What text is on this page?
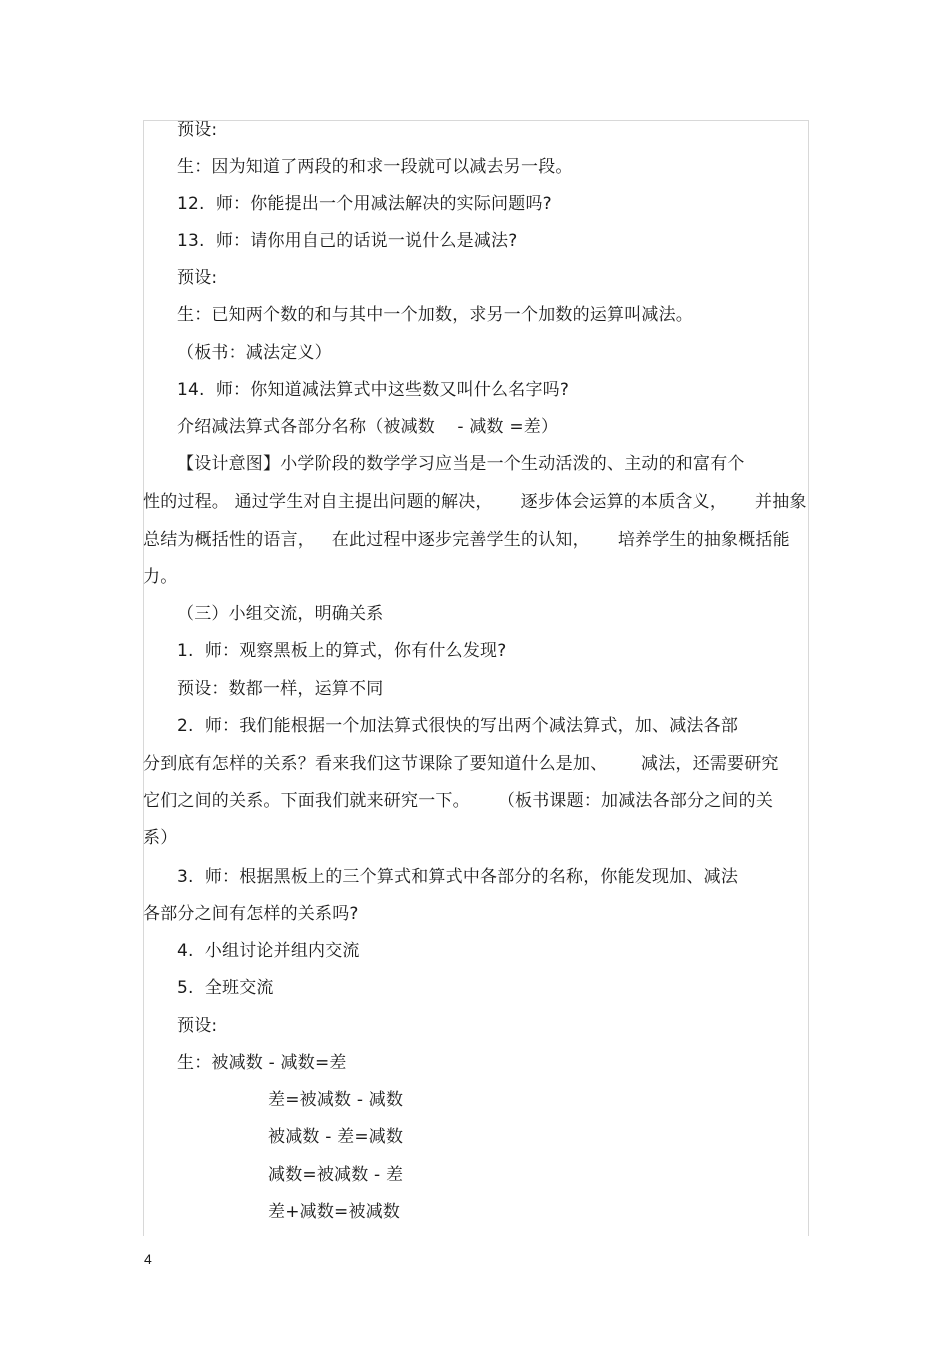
预设:
生：因为知道了两段的和求一段就可以减去另一段。
12.  师：你能提出一个用减法解决的实际问题吗?
13.  师：请你用自己的话说一说什么是减法?
预设:
生：已知两个数的和与其中一个加数，求另一个加数的运算叫减法。
（板书：减法定义）
14.  师：你知道减法算式中这些数又叫什么名字吗?
介绍减法算式各部分名称（被减数    - 减数 =差）
【设计意图】小学阶段的数学学习应当是一个生动活泼的、主动的和富有个
性的过程。 通过学生对自主提出问题的解决，     逐步体会运算的本质含义，     并抽象
总结为概括性的语言，   在此过程中逐步完善学生的认知，     培养学生的抽象概括能
力。
（三）小组交流，明确关系
1.  师：观察黑板上的算式，你有什么发现?
预设：数都一样，运算不同
2.  师：我们能根据一个加法算式很快的写出两个减法算式，加、减法各部
分到底有怎样的关系？看来我们这节课除了要知道什么是加、      减法，还需要研究
它们之间的关系。下面我们就来研究一下。     （板书课题：加减法各部分之间的关
系）
3.  师：根据黑板上的三个算式和算式中各部分的名称，你能发现加、减法
各部分之间有怎样的关系吗?
4.  小组讨论并组内交流
5.  全班交流
预设:
生：被减数 - 减数=差
差=被减数 - 减数
被减数 - 差=减数
减数=被减数 - 差
差+减数=被减数
4
